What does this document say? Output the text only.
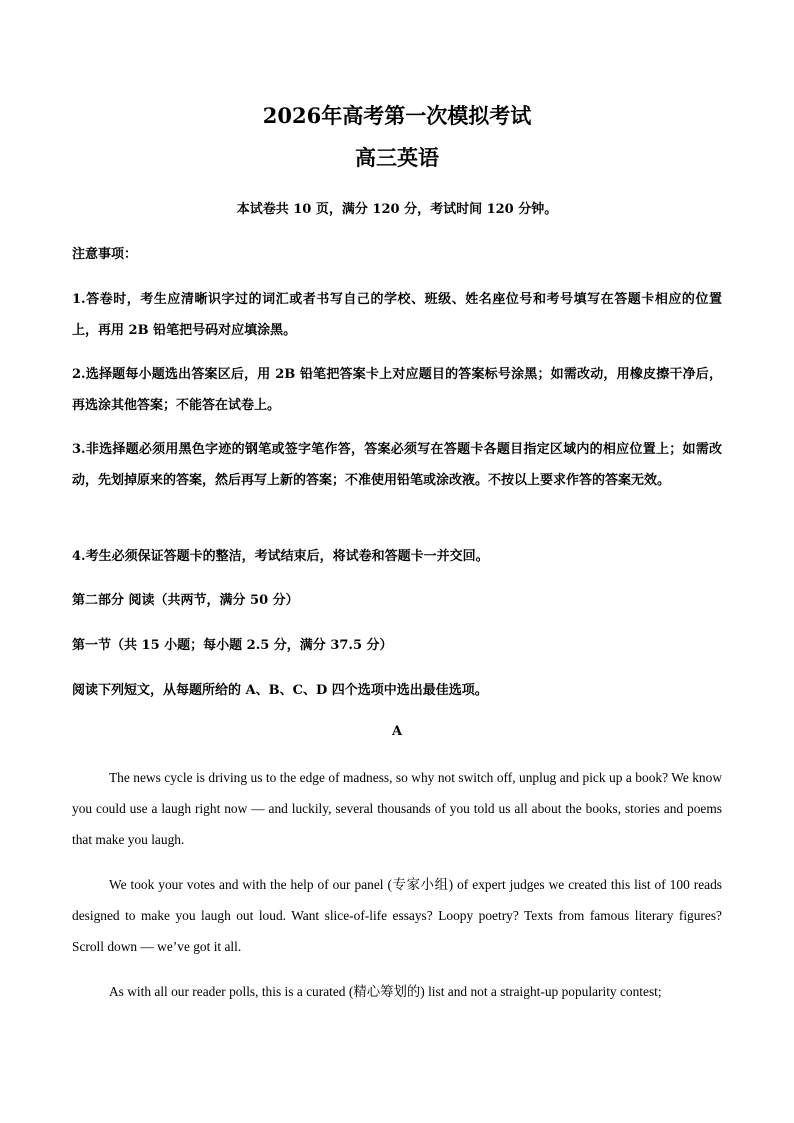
2026年高考第一次模拟考试
高三英语
本试卷共 10 页，满分 120 分，考试时间 120 分钟。
注意事项：
1.答卷时，考生应清晰识字过的词汇或者书写自己的学校、班级、姓名座位号和考号填写在答题卡相应的位置上，再用 2B 铅笔把号码对应填涂黑。
2.选择题每小题选出答案区后，用 2B 铅笔把答案卡上对应题目的答案标号涂黑；如需改动，用橡皮擦干净后，再选涂其他答案；不能答在试卷上。
3.非选择题必须用黑色字迹的钢笔或签字笔作答，答案必须写在答题卡各题目指定区域内的相应位置上；如需改动，先划掉原来的答案，然后再写上新的答案；不准使用铅笔或涂改液。不按以上要求作答的答案无效。
4.考生必须保证答题卡的整洁，考试结束后，将试卷和答题卡一并交回。
第二部分 阅读（共两节，满分 50 分）
第一节（共 15 小题；每小题 2.5 分，满分 37.5 分）
阅读下列短文，从每题所给的 A、B、C、D 四个选项中选出最佳选项。
A
The news cycle is driving us to the edge of madness, so why not switch off, unplug and pick up a book? We know you could use a laugh right now — and luckily, several thousands of you told us all about the books, stories and poems that make you laugh.
We took your votes and with the help of our panel (专家小组) of expert judges we created this list of 100 reads designed to make you laugh out loud. Want slice-of-life essays? Loopy poetry? Texts from famous literary figures? Scroll down — we’ve got it all.
As with all our reader polls, this is a curated (精心筹划的) list and not a straight-up popularity contest;
